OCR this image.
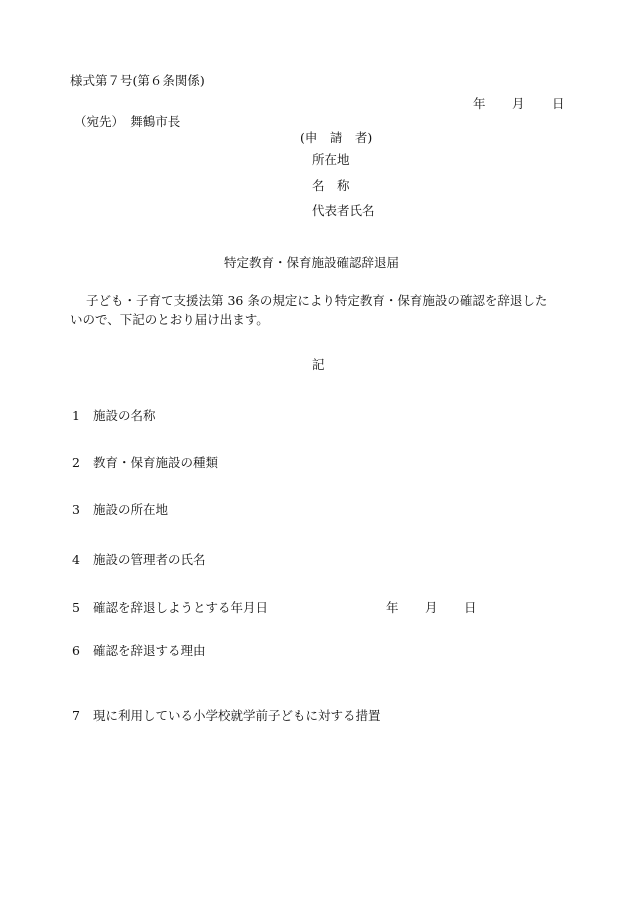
様式第７号(第６条関係)
年 月 日
（宛先）　舞鶴市長
(申　請　者)
所在地
名　称
代表者氏名
特定教育・保育施設確認辞退届
子ども・子育て支援法第 36 条の規定により特定教育・保育施設の確認を辞退した
いので、下記のとおり届け出ます。
記
1 施設の名称
2 教育・保育施設の種類
3 施設の所在地
4 施設の管理者の氏名
5 確認を辞退しようとする年月日	年 月 日
6 確認を辞退する理由
7 現に利用している小学校就学前子どもに対する措置
